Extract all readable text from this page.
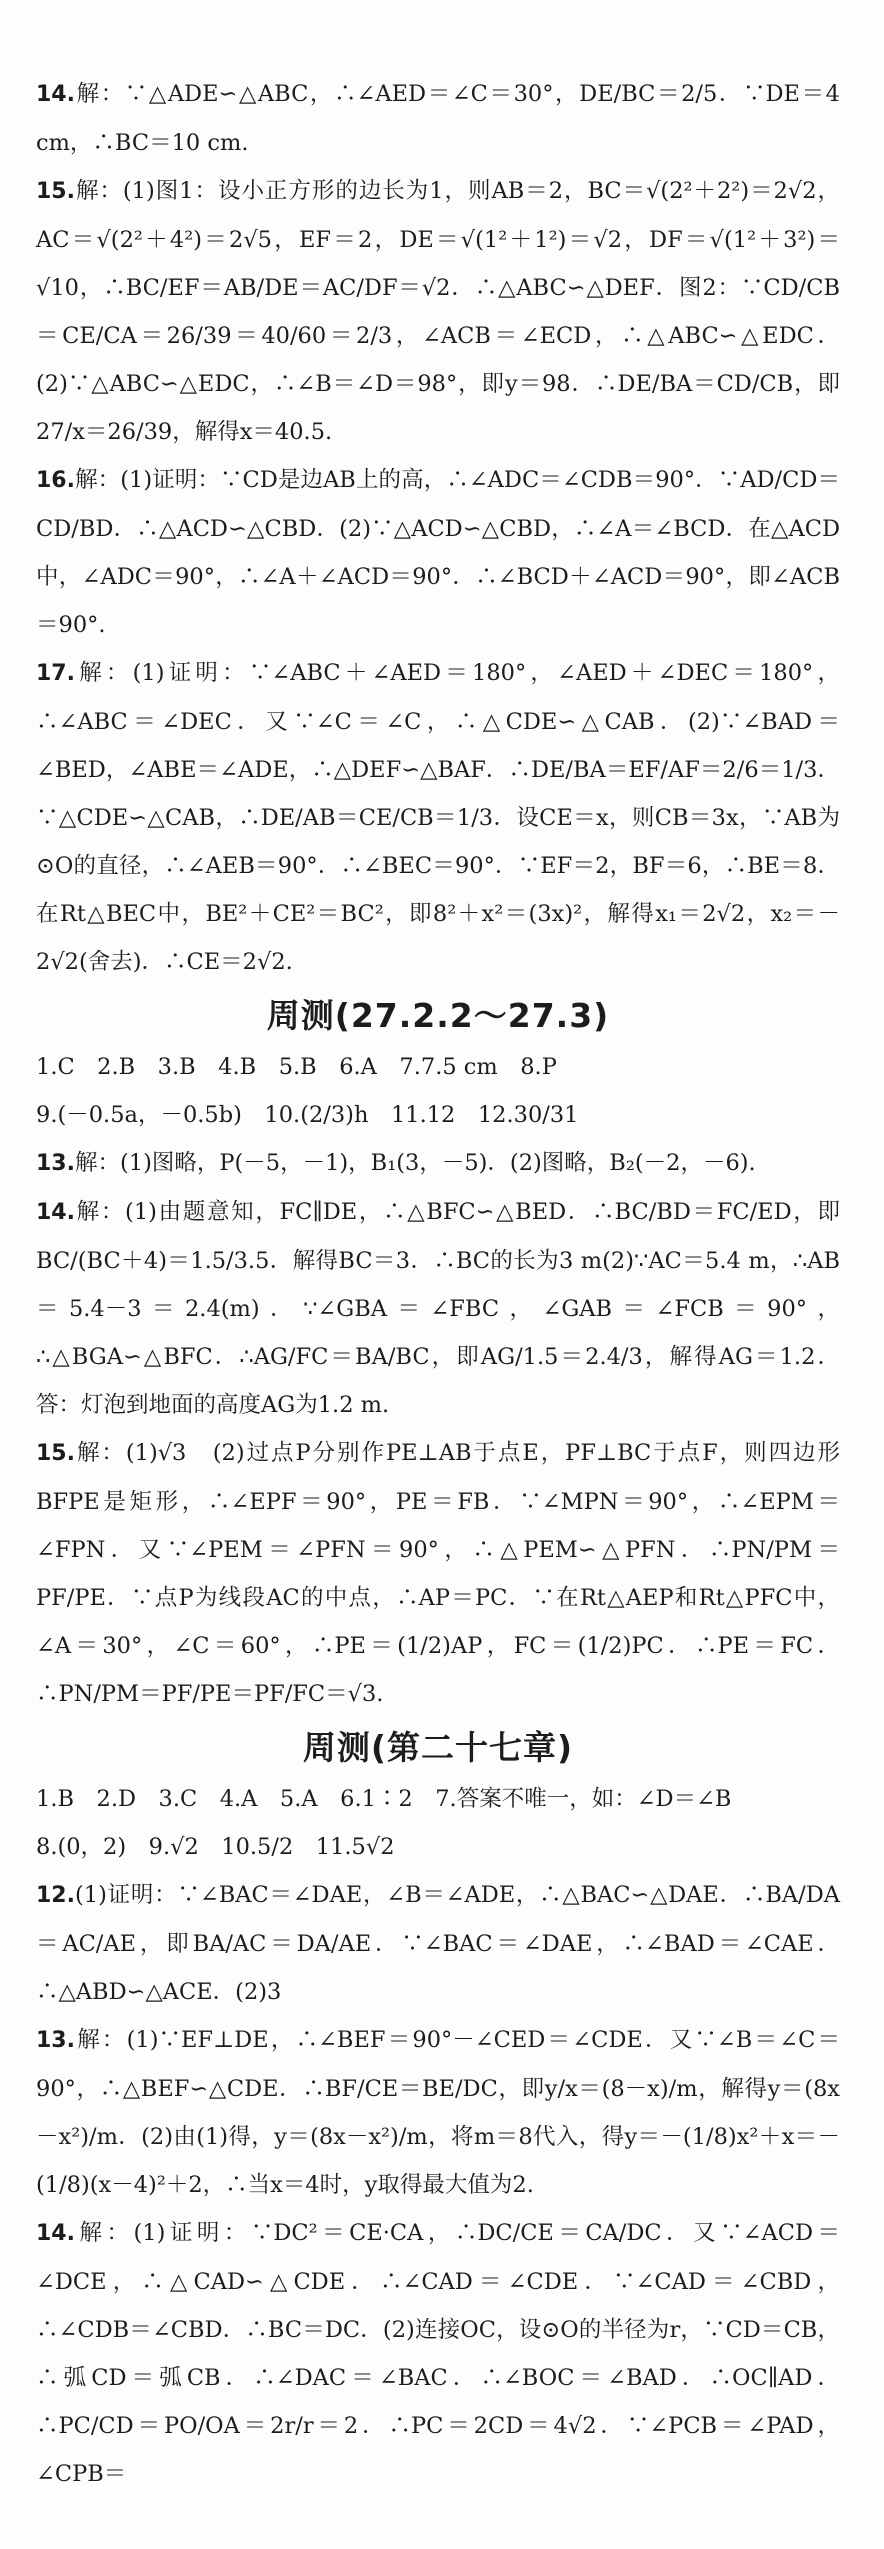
14.解：∵△ADE∽△ABC，∴∠AED＝∠C＝30°，DE/BC＝2/5．∵DE＝4 cm，∴BC＝10 cm.

15.解：(1)图1：设小正方形的边长为1，则AB＝2，BC＝√(2²＋2²)＝2√2，AC＝√(2²＋4²)＝2√5，EF＝2，DE＝√(1²＋1²)＝√2，DF＝√(1²＋3²)＝√10，∴BC/EF＝AB/DE＝AC/DF＝√2．∴△ABC∽△DEF．图2：∵CD/CB＝CE/CA＝26/39＝40/60＝2/3，∠ACB＝∠ECD，∴△ABC∽△EDC．(2)∵△ABC∽△EDC，∴∠B＝∠D＝98°，即y＝98．∴DE/BA＝CD/CB，即27/x＝26/39，解得x＝40.5.

16.解：(1)证明：∵CD是边AB上的高，∴∠ADC＝∠CDB＝90°．∵AD/CD＝CD/BD．∴△ACD∽△CBD．(2)∵△ACD∽△CBD，∴∠A＝∠BCD．在△ACD中，∠ADC＝90°，∴∠A＋∠ACD＝90°．∴∠BCD＋∠ACD＝90°，即∠ACB＝90°.

17.解：(1)证明：∵∠ABC＋∠AED＝180°，∠AED＋∠DEC＝180°，∴∠ABC＝∠DEC．又∵∠C＝∠C，∴△CDE∽△CAB．(2)∵∠BAD＝∠BED，∠ABE＝∠ADE，∴△DEF∽△BAF．∴DE/BA＝EF/AF＝2/6＝1/3．∵△CDE∽△CAB，∴DE/AB＝CE/CB＝1/3．设CE＝x，则CB＝3x，∵AB为⊙O的直径，∴∠AEB＝90°．∴∠BEC＝90°．∵EF＝2，BF＝6，∴BE＝8．在Rt△BEC中，BE²＋CE²＝BC²，即8²＋x²＝(3x)²，解得x₁＝2√2，x₂＝－2√2(舍去)．∴CE＝2√2.

周测(27.2.2～27.3)

1.C　2.B　3.B　4.B　5.B　6.A　7.7.5 cm　8.P

9.(－0.5a，－0.5b)　10.(2/3)h　11.12　12.30/31

13.解：(1)图略，P(－5，－1)，B₁(3，－5)．(2)图略，B₂(－2，－6).

14.解：(1)由题意知，FC∥DE，∴△BFC∽△BED．∴BC/BD＝FC/ED，即BC/(BC＋4)＝1.5/3.5．解得BC＝3．∴BC的长为3 m(2)∵AC＝5.4 m，∴AB＝5.4－3＝2.4(m)．∵∠GBA＝∠FBC，∠GAB＝∠FCB＝90°，∴△BGA∽△BFC．∴AG/FC＝BA/BC，即AG/1.5＝2.4/3，解得AG＝1.2．答：灯泡到地面的高度AG为1.2 m.

15.解：(1)√3　(2)过点P分别作PE⊥AB于点E，PF⊥BC于点F，则四边形BFPE是矩形，∴∠EPF＝90°，PE＝FB．∵∠MPN＝90°，∴∠EPM＝∠FPN．又∵∠PEM＝∠PFN＝90°，∴△PEM∽△PFN．∴PN/PM＝PF/PE．∵点P为线段AC的中点，∴AP＝PC．∵在Rt△AEP和Rt△PFC中，∠A＝30°，∠C＝60°，∴PE＝(1/2)AP，FC＝(1/2)PC．∴PE＝FC．∴PN/PM＝PF/PE＝PF/FC＝√3.

周测(第二十七章)

1.B　2.D　3.C　4.A　5.A　6.1∶2　7.答案不唯一，如：∠D＝∠B

8.(0，2)　9.√2　10.5/2　11.5√2

12.(1)证明：∵∠BAC＝∠DAE，∠B＝∠ADE，∴△BAC∽△DAE．∴BA/DA＝AC/AE，即BA/AC＝DA/AE．∵∠BAC＝∠DAE，∴∠BAD＝∠CAE．∴△ABD∽△ACE．(2)3

13.解：(1)∵EF⊥DE，∴∠BEF＝90°－∠CED＝∠CDE．又∵∠B＝∠C＝90°，∴△BEF∽△CDE．∴BF/CE＝BE/DC，即y/x＝(8－x)/m，解得y＝(8x－x²)/m．(2)由(1)得，y＝(8x－x²)/m，将m＝8代入，得y＝－(1/8)x²＋x＝－(1/8)(x－4)²＋2，∴当x＝4时，y取得最大值为2.

14.解：(1)证明：∵DC²＝CE·CA，∴DC/CE＝CA/DC．又∵∠ACD＝∠DCE，∴△CAD∽△CDE．∴∠CAD＝∠CDE．∵∠CAD＝∠CBD，∴∠CDB＝∠CBD．∴BC＝DC．(2)连接OC，设⊙O的半径为r，∵CD＝CB，∴弧CD＝弧CB．∴∠DAC＝∠BAC．∴∠BOC＝∠BAD．∴OC∥AD．∴PC/CD＝PO/OA＝2r/r＝2．∴PC＝2CD＝4√2．∵∠PCB＝∠PAD，∠CPB＝
